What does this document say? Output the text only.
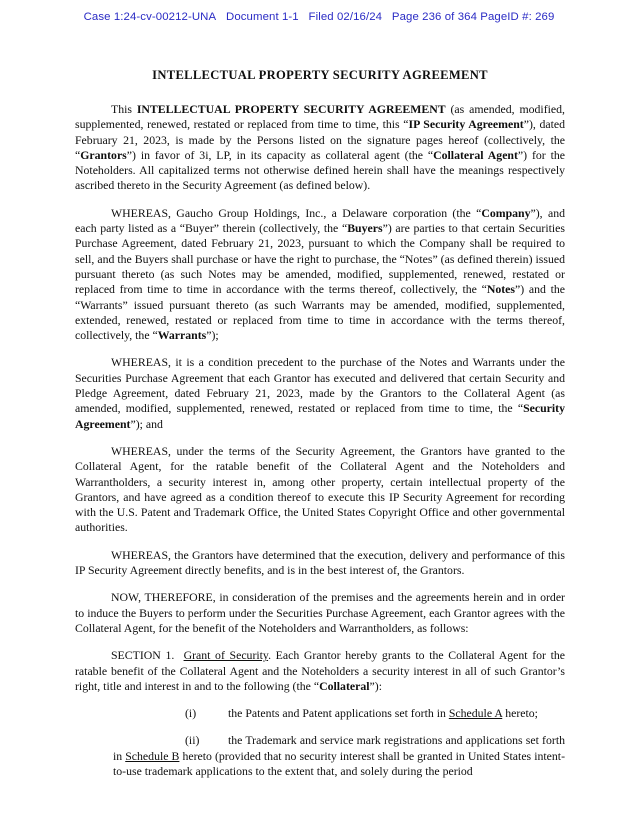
Case 1:24-cv-00212-UNA   Document 1-1   Filed 02/16/24   Page 236 of 364 PageID #: 269
INTELLECTUAL PROPERTY SECURITY AGREEMENT

This INTELLECTUAL PROPERTY SECURITY AGREEMENT (as amended, modified, supplemented, renewed, restated or replaced from time to time, this “IP Security Agreement”), dated February 21, 2023, is made by the Persons listed on the signature pages hereof (collectively, the “Grantors”) in favor of 3i, LP, in its capacity as collateral agent (the “Collateral Agent”) for the Noteholders. All capitalized terms not otherwise defined herein shall have the meanings respectively ascribed thereto in the Security Agreement (as defined below).

WHEREAS, Gaucho Group Holdings, Inc., a Delaware corporation (the “Company”), and each party listed as a “Buyer” therein (collectively, the “Buyers”) are parties to that certain Securities Purchase Agreement, dated February 21, 2023, pursuant to which the Company shall be required to sell, and the Buyers shall purchase or have the right to purchase, the “Notes” (as defined therein) issued pursuant thereto (as such Notes may be amended, modified, supplemented, renewed, restated or replaced from time to time in accordance with the terms thereof, collectively, the “Notes”) and the “Warrants” issued pursuant thereto (as such Warrants may be amended, modified, supplemented, extended, renewed, restated or replaced from time to time in accordance with the terms thereof, collectively, the “Warrants”);

WHEREAS, it is a condition precedent to the purchase of the Notes and Warrants under the Securities Purchase Agreement that each Grantor has executed and delivered that certain Security and Pledge Agreement, dated February 21, 2023, made by the Grantors to the Collateral Agent (as amended, modified, supplemented, renewed, restated or replaced from time to time, the “Security Agreement”); and

WHEREAS, under the terms of the Security Agreement, the Grantors have granted to the Collateral Agent, for the ratable benefit of the Collateral Agent and the Noteholders and Warrantholders, a security interest in, among other property, certain intellectual property of the Grantors, and have agreed as a condition thereof to execute this IP Security Agreement for recording with the U.S. Patent and Trademark Office, the United States Copyright Office and other governmental authorities.

WHEREAS, the Grantors have determined that the execution, delivery and performance of this IP Security Agreement directly benefits, and is in the best interest of, the Grantors.

NOW, THEREFORE, in consideration of the premises and the agreements herein and in order to induce the Buyers to perform under the Securities Purchase Agreement, each Grantor agrees with the Collateral Agent, for the benefit of the Noteholders and Warrantholders, as follows:

SECTION 1.  Grant of Security. Each Grantor hereby grants to the Collateral Agent for the ratable benefit of the Collateral Agent and the Noteholders a security interest in all of such Grantor’s right, title and interest in and to the following (the “Collateral”):

(i)	the Patents and Patent applications set forth in Schedule A hereto;

(ii) the Trademark and service mark registrations and applications set forth in Schedule B hereto (provided that no security interest shall be granted in United States intent-to-use trademark applications to the extent that, and solely during the period
